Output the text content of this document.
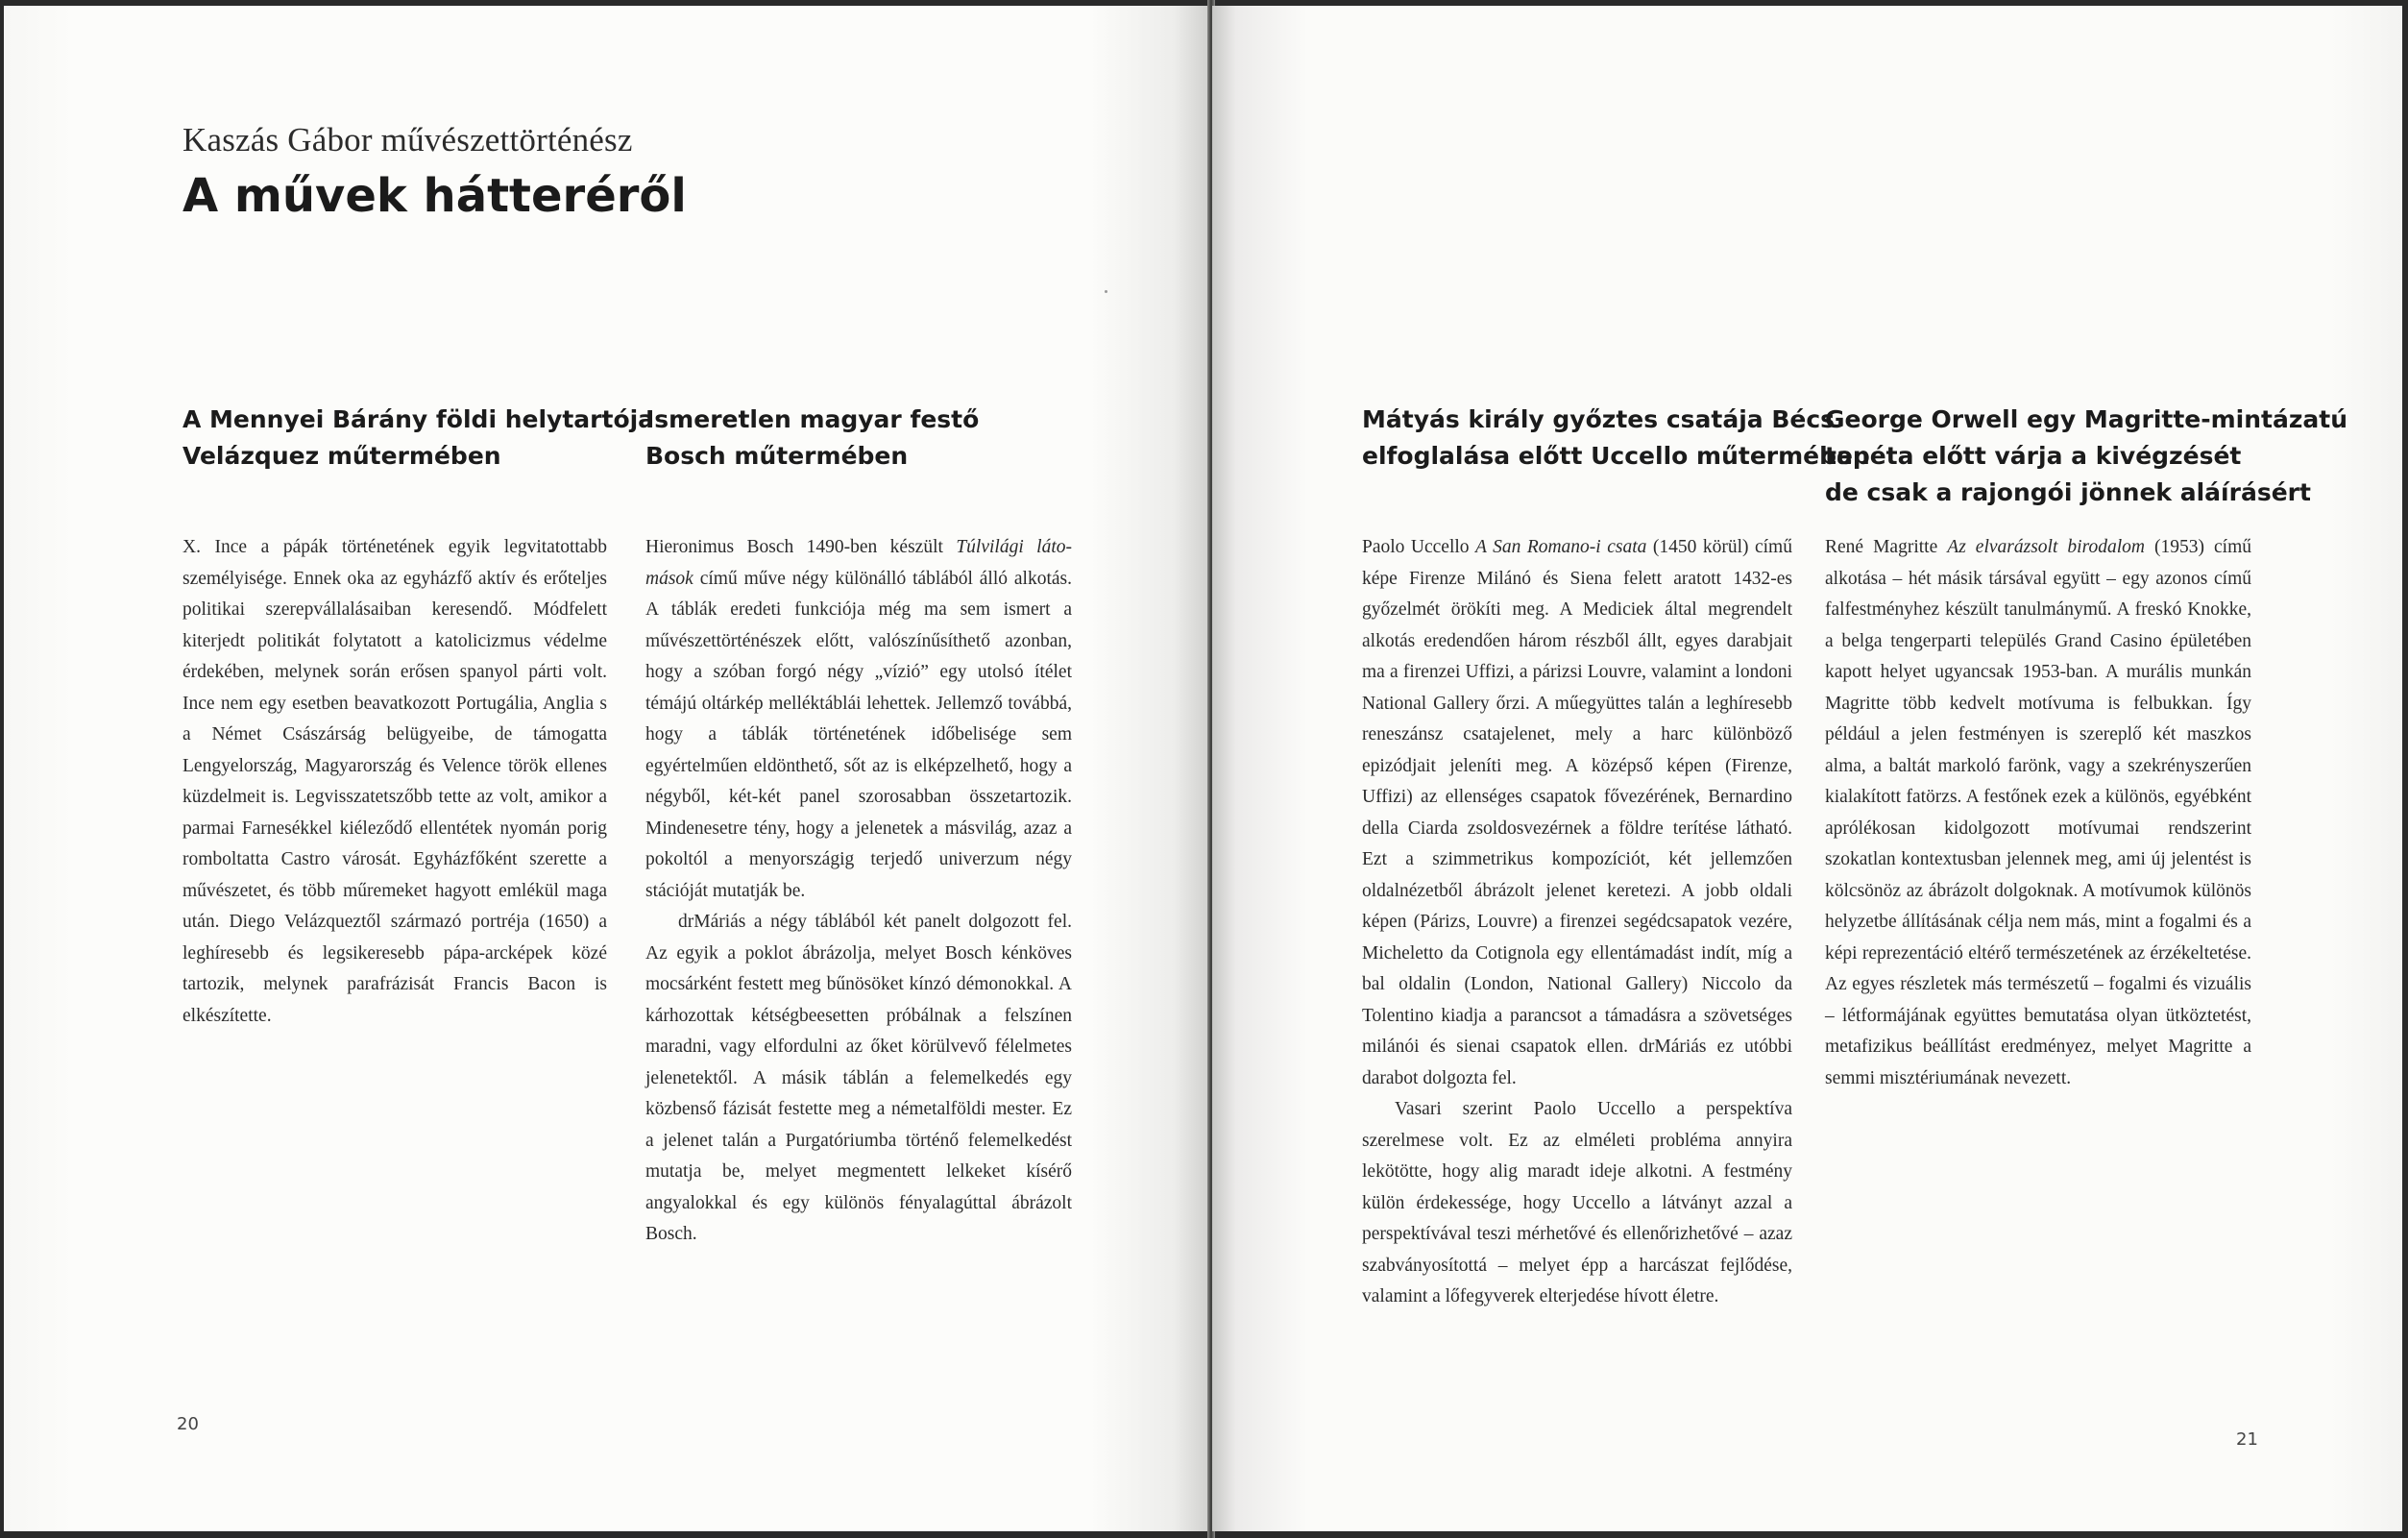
Kaszás Gábor művészettörténész
A művek hátteréről
A Mennyei Bárány földi helytartója
Velázquez műtermében

X. Ince a pápák történetének egyik legvitatottabb személyisége. Ennek oka az egyházfő aktív és erőteljes politikai szerepvállalásaiban keresendő. Módfelett kiterjedt politikát folytatott a katolicizmus védelme érdekében, melynek során erősen spanyol párti volt. Ince nem egy esetben beavatkozott Portugália, Anglia s a Német Császárság belügyeibe, de támogatta Lengyelország, Magyarország és Velence török ellenes küzdelmeit is. Legvisszatetszőbb tette az volt, amikor a parmai Farnesékkel kiéleződő ellentétek nyomán porig romboltatta Castro városát. Egyházfőként szerette a művészetet, és több műremeket hagyott emlékül maga után. Diego Velázqueztől származó portréja (1650) a leghíresebb és legsikeresebb pápa-arcképek közé tartozik, melynek parafrázisát Francis Bacon is elkészítette.

Ismeretlen magyar festő
Bosch műtermében

Hieronimus Bosch 1490-ben készült Túlvilági látomások című műve négy különálló táblából álló alkotás. A táblák eredeti funkciója még ma sem ismert a művészettörténészek előtt, valószínűsíthető azonban, hogy a szóban forgó négy „vízió” egy utolsó ítélet témájú oltárkép melléktáblái lehettek. Jellemző továbbá, hogy a táblák történetének időbelisége sem egyértelműen eldönthető, sőt az is elképzelhető, hogy a négyből, két-két panel szorosabban összetartozik. Mindenesetre tény, hogy a jelenetek a másvilág, azaz a pokoltól a menyországig terjedő univerzum négy stációját mutatják be.

drMáriás a négy táblából két panelt dolgozott fel. Az egyik a poklot ábrázolja, melyet Bosch kénköves mocsárként festett meg bűnösöket kínzó démonokkal. A kárhozottak kétségbeesetten próbálnak a felszínen maradni, vagy elfordulni az őket körülvevő félelmetes jelenetektől. A másik táblán a felemelkedés egy közbenső fázisát festette meg a németalföldi mester. Ez a jelenet talán a Purgatóriumba történő felemelkedést mutatja be, melyet megmentett lelkeket kísérő angyalokkal és egy különös fényalagúttal ábrázolt Bosch.

20
Mátyás király győztes csatája Bécs
elfoglalása előtt Uccello műtermében

Paolo Uccello A San Romano-i csata (1450 körül) című képe Firenze Milánó és Siena felett aratott 1432-es győzelmét örökíti meg. A Mediciek által megrendelt alkotás eredendően három részből állt, egyes darabjait ma a firenzei Uffizi, a párizsi Louvre, valamint a londoni National Gallery őrzi. A műegyüttes talán a leghíresebb reneszánsz csatajelenet, mely a harc különböző epizódjait jeleníti meg. A középső képen (Firenze, Uffizi) az ellenséges csapatok fővezérének, Bernardino della Ciarda zsoldosvezérnek a földre terítése látható. Ezt a szimmetrikus kompozíciót, két jellemzően oldalnézetből ábrázolt jelenet keretezi. A jobb oldali képen (Párizs, Louvre) a firenzei segédcsapatok vezére, Micheletto da Cotignola egy ellentámadást indít, míg a bal oldalin (London, National Gallery) Niccolo da Tolentino kiadja a parancsot a támadásra a szövetséges milánói és sienai csapatok ellen. drMáriás ez utóbbi darabot dolgozta fel.

Vasari szerint Paolo Uccello a perspektíva szerelmese volt. Ez az elméleti probléma annyira lekötötte, hogy alig maradt ideje alkotni. A festmény külön érdekessége, hogy Uccello a látványt azzal a perspektívával teszi mérhetővé és ellenőrizhetővé – azaz szabványosítottá – melyet épp a harcászat fejlődése, valamint a lőfegyverek elterjedése hívott életre.

George Orwell egy Magritte-mintázatú
tapéta előtt várja a kivégzését
de csak a rajongói jönnek aláírásért

René Magritte Az elvarázsolt birodalom (1953) című alkotása – hét másik társával együtt – egy azonos című falfestményhez készült tanulmánymű. A freskó Knokke, a belga tengerparti település Grand Casino épületében kapott helyet ugyancsak 1953-ban. A murális munkán Magritte több kedvelt motívuma is felbukkan. Így például a jelen festményen is szereplő két maszkos alma, a baltát markoló farönk, vagy a szekrényszerűen kialakított fatörzs. A festőnek ezek a különös, egyébként aprólékosan kidolgozott motívumai rendszerint szokatlan kontextusban jelennek meg, ami új jelentést is kölcsönöz az ábrázolt dolgoknak. A motívumok különös helyzetbe állításának célja nem más, mint a fogalmi és a képi reprezentáció eltérő természetének az érzékeltetése. Az egyes részletek más természetű – fogalmi és vizuális – létformájának együttes bemutatása olyan ütköztetést, metafizikus beállítást eredményez, melyet Magritte a semmi misztériumának nevezett.

21
